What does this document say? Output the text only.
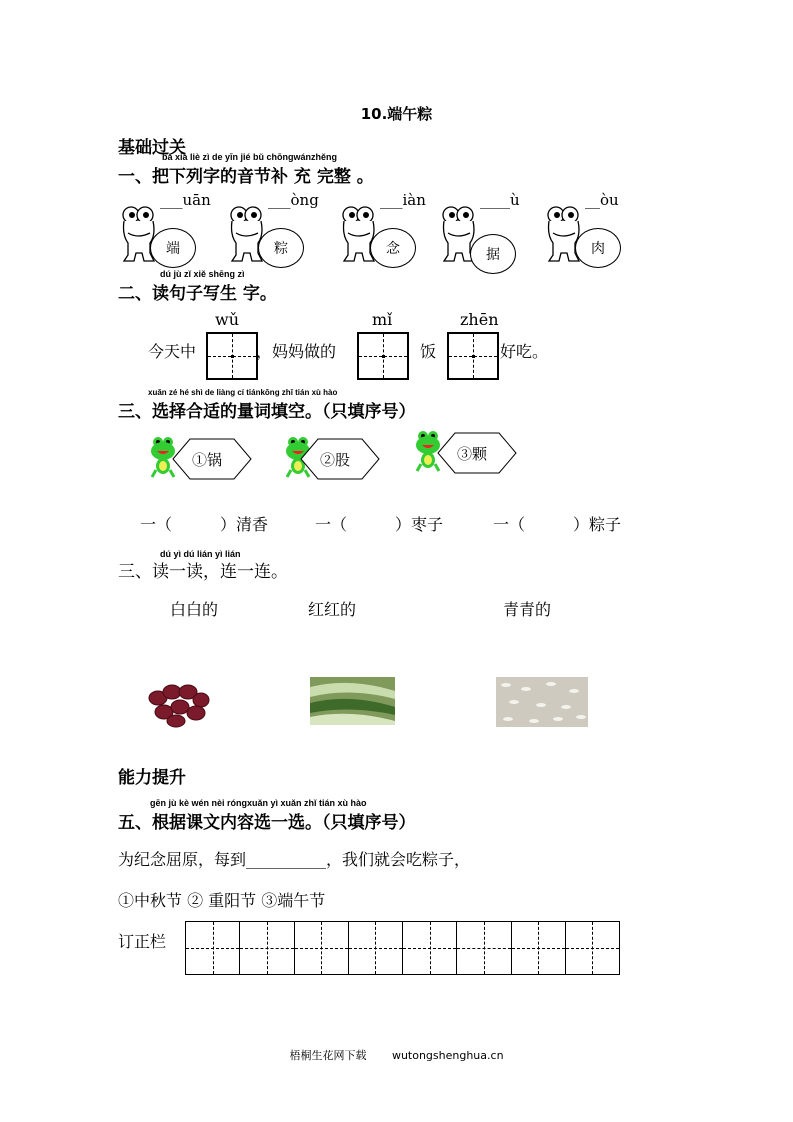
10.端午粽
基础过关
bǎ xià liè zì de yīn jié bǔ chōngwánzhěng
一、把下列字的音节补 充 完整 。
___uān
端
___òng
粽
___iàn
念
____ù
据
__òu
肉
dú jù zǐ xiě shēng zì
二、读句子写生 字。
wǔ	mǐ	zhēn
今天中	，妈妈做的	饭	好吃。
xuǎn zé hé shì de liàng cí tiánkōng zhǐ tián xù hào
三、选择合适的量词填空。（只填序号）
①锅	②股	③颗
一（　　　）清香	一（　　　）枣子	一（　　　）粽子
dú yì dú lián yì lián
三、读一读，连一连。
白白的	红红的	青青的
能力提升
gēn jù kè wén nèi róngxuǎn yì xuǎn zhǐ tián xù hào
五、根据课文内容选一选。（只填序号）
为纪念屈原，每到__________，我们就会吃粽子，
①中秋节 ② 重阳节 ③端午节
订正栏
梧桐生花网下载　　 wutongshenghua.cn
